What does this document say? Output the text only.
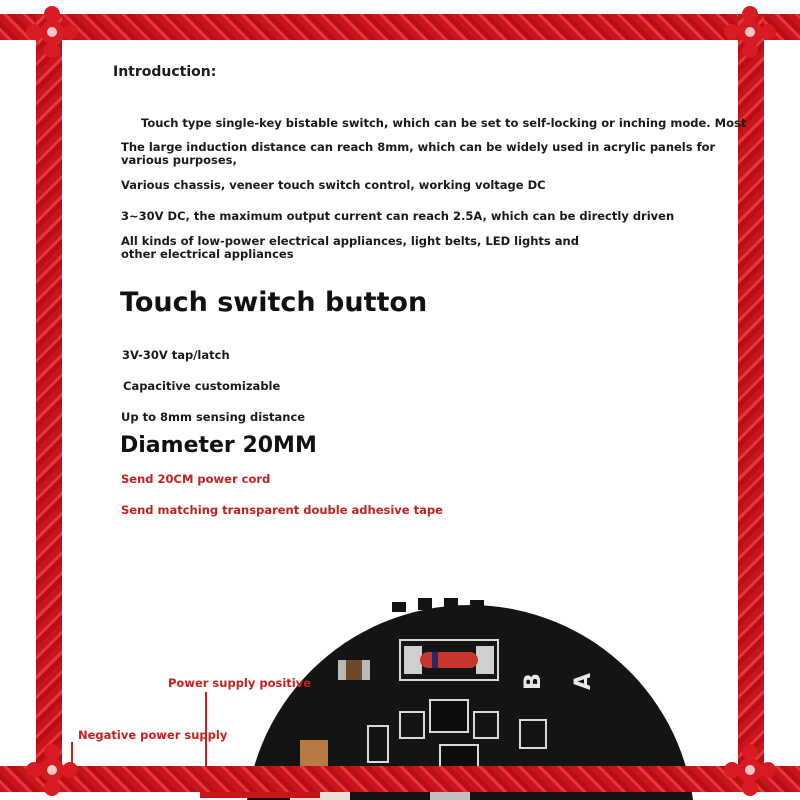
Introduction:
Touch type single-key bistable switch, which can be set to self-locking or inching mode. Most
The large induction distance can reach 8mm, which can be widely used in acrylic panels for various purposes,
Various chassis, veneer touch switch control, working voltage DC
3~30V DC, the maximum output current can reach 2.5A, which can be directly driven
All kinds of low-power electrical appliances, light belts, LED lights and other electrical appliances
Touch switch button
3V-30V tap/latch
Capacitive customizable
Up to 8mm sensing distance
Diameter 20MM
Send 20CM power cord
Send matching transparent double adhesive tape
B A
Power supply positive
Negative power supply
